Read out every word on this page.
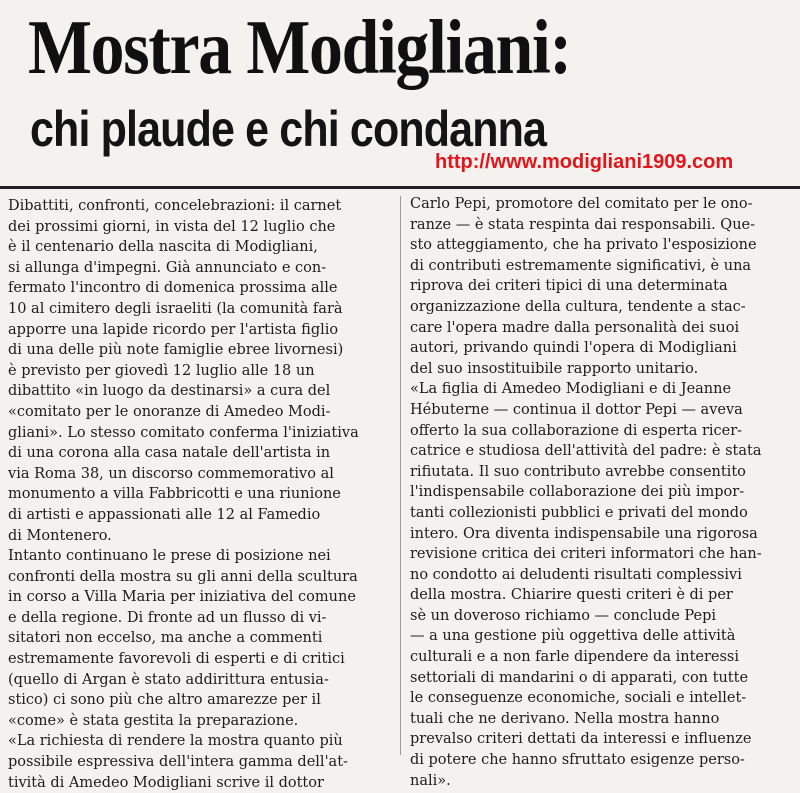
Mostra Modigliani:
chi plaude e chi condanna
http://www.modigliani1909.com
Dibattiti, confronti, concelebrazioni: il carnet
dei prossimi giorni, in vista del 12 luglio che
è il centenario della nascita di Modigliani,
si allunga d'impegni. Già annunciato e con-
fermato l'incontro di domenica prossima alle
10 al cimitero degli israeliti (la comunità farà
apporre una lapide ricordo per l'artista figlio
di una delle più note famiglie ebree livornesi)
è previsto per giovedì 12 luglio alle 18 un
dibattito «in luogo da destinarsi» a cura del
«comitato per le onoranze di Amedeo Modi-
gliani». Lo stesso comitato conferma l'iniziativa
di una corona alla casa natale dell'artista in
via Roma 38, un discorso commemorativo al
monumento a villa Fabbricotti e una riunione
di artisti e appassionati alle 12 al Famedio
di Montenero.
Intanto continuano le prese di posizione nei
confronti della mostra su gli anni della scultura
in corso a Villa Maria per iniziativa del comune
e della regione. Di fronte ad un flusso di vi-
sitatori non eccelso, ma anche a commenti
estremamente favorevoli di esperti e di critici
(quello di Argan è stato addirittura entusia-
stico) ci sono più che altro amarezze per il
«come» è stata gestita la preparazione.
«La richiesta di rendere la mostra quanto più
possibile espressiva dell'intera gamma dell'at-
tività di Amedeo Modigliani scrive il dottor
Carlo Pepi, promotore del comitato per le ono-
ranze — è stata respinta dai responsabili. Que-
sto atteggiamento, che ha privato l'esposizione
di contributi estremamente significativi, è una
riprova dei criteri tipici di una determinata
organizzazione della cultura, tendente a stac-
care l'opera madre dalla personalità dei suoi
autori, privando quindi l'opera di Modigliani
del suo insostituibile rapporto unitario.
«La figlia di Amedeo Modigliani e di Jeanne
Hébuterne — continua il dottor Pepi — aveva
offerto la sua collaborazione di esperta ricer-
catrice e studiosa dell'attività del padre: è stata
rifiutata. Il suo contributo avrebbe consentito
l'indispensabile collaborazione dei più impor-
tanti collezionisti pubblici e privati del mondo
intero. Ora diventa indispensabile una rigorosa
revisione critica dei criteri informatori che han-
no condotto ai deludenti risultati complessivi
della mostra. Chiarire questi criteri è di per
sè un doveroso richiamo — conclude Pepi
— a una gestione più oggettiva delle attività
culturali e a non farle dipendere da interessi
settoriali di mandarini o di apparati, con tutte
le conseguenze economiche, sociali e intellet-
tuali che ne derivano. Nella mostra hanno
prevalso criteri dettati da interessi e influenze
di potere che hanno sfruttato esigenze perso-
nali».
